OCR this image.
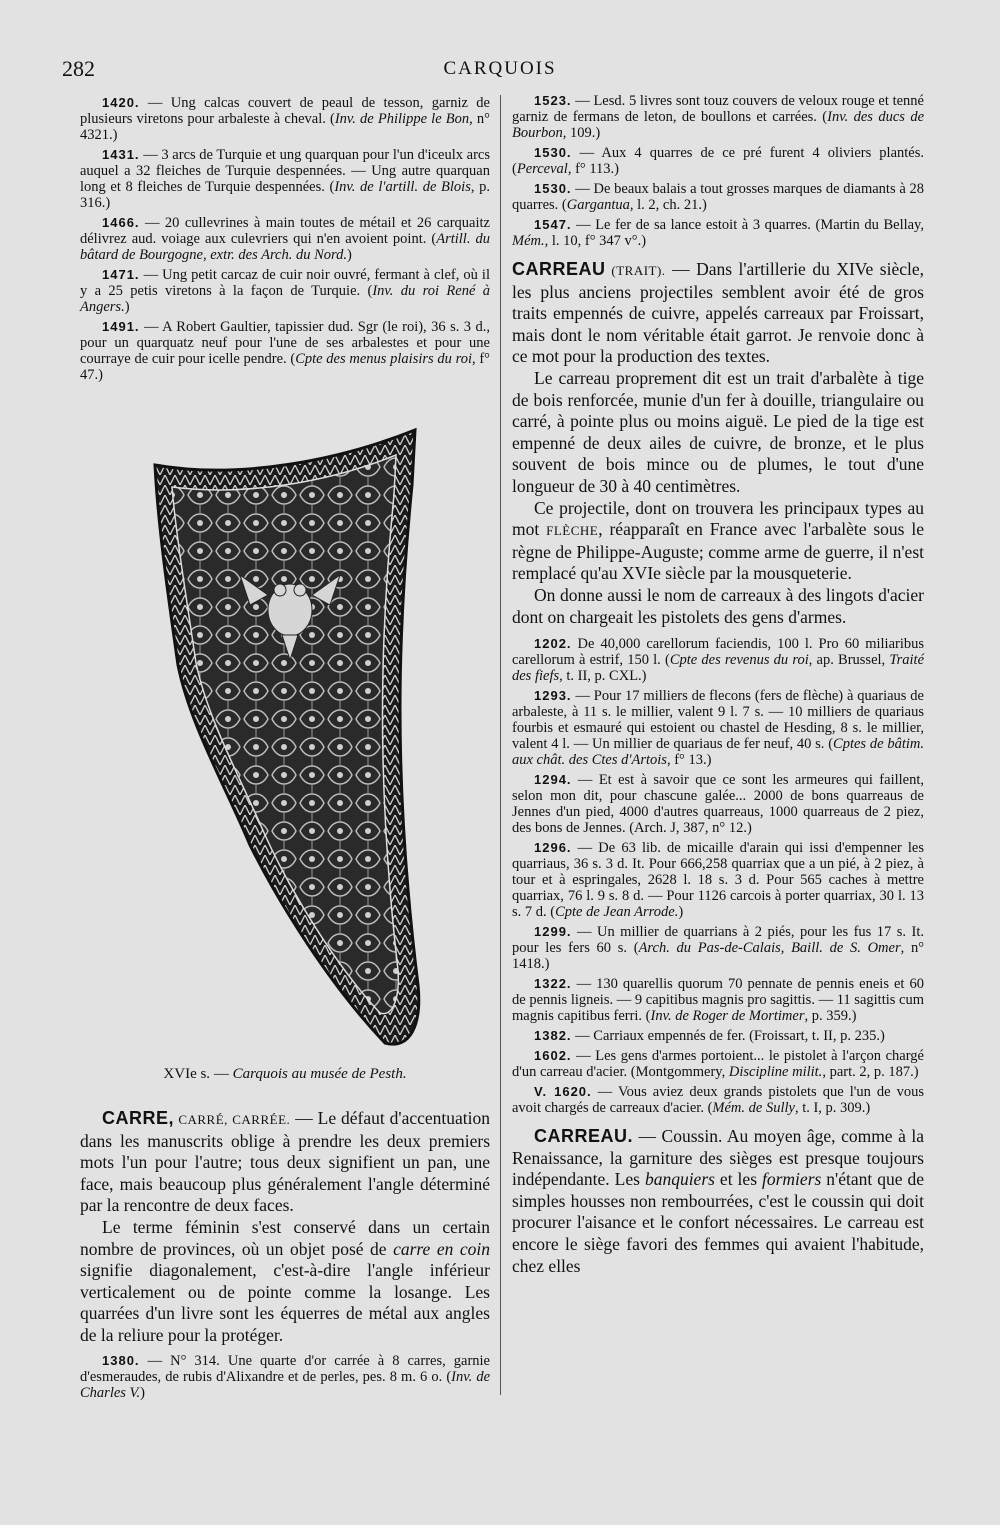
282	CARQUOIS

1420. — Ung calcas couvert de peaul de tesson, garniz de plusieurs viretons pour arbaleste à cheval. (Inv. de Philippe le Bon, n° 4321.)

1431. — 3 arcs de Turquie et ung quarquan pour l'un d'iceulx arcs auquel a 32 fleiches de Turquie despennées. — Ung autre quarquan long et 8 fleiches de Turquie despennées. (Inv. de l'artill. de Blois, p. 316.)

1466. — 20 cullevrines à main toutes de métail et 26 carquaitz délivrez aud. voiage aux culevriers qui n'en avoient point. (Artill. du bâtard de Bourgogne, extr. des Arch. du Nord.)

1471. — Ung petit carcaz de cuir noir ouvré, fermant à clef, où il y a 25 petis viretons à la façon de Turquie. (Inv. du roi René à Angers.)

1491. — A Robert Gaultier, tapissier dud. Sgr (le roi), 36 s. 3 d., pour un quarquatz neuf pour l'une de ses arbalestes et pour une courraye de cuir pour icelle pendre. (Cpte des menus plaisirs du roi, f° 47.)

XVIe s. — Carquois au musée de Pesth.

CARRE, CARRÉ, CARRÉE. — Le défaut d'accentuation dans les manuscrits oblige à prendre les deux premiers mots l'un pour l'autre; tous deux signifient un pan, une face, mais beaucoup plus généralement l'angle déterminé par la rencontre de deux faces.

Le terme féminin s'est conservé dans un certain nombre de provinces, où un objet posé de carre en coin signifie diagonalement, c'est-à-dire l'angle inférieur verticalement ou de pointe comme la losange. Les quarrées d'un livre sont les équerres de métal aux angles de la reliure pour la protéger.

1380. — N° 314. Une quarte d'or carrée à 8 carres, garnie d'esmeraudes, de rubis d'Alixandre et de perles, pes. 8 m. 6 o. (Inv. de Charles V.)

1523. — Lesd. 5 livres sont touz couvers de veloux rouge et tenné garniz de fermans de leton, de boullons et carrées. (Inv. des ducs de Bourbon, 109.)

1530. — Aux 4 quarres de ce pré furent 4 oliviers plantés. (Perceval, f° 113.)

1530. — De beaux balais a tout grosses marques de diamants à 28 quarres. (Gargantua, l. 2, ch. 21.)

1547. — Le fer de sa lance estoit à 3 quarres. (Martin du Bellay, Mém., l. 10, f° 347 v°.)

CARREAU (TRAIT). — Dans l'artillerie du XIVe siècle, les plus anciens projectiles semblent avoir été de gros traits empennés de cuivre, appelés carreaux par Froissart, mais dont le nom véritable était garrot. Je renvoie donc à ce mot pour la production des textes.

Le carreau proprement dit est un trait d'arbalète à tige de bois renforcée, munie d'un fer à douille, triangulaire ou carré, à pointe plus ou moins aiguë. Le pied de la tige est empenné de deux ailes de cuivre, de bronze, et le plus souvent de bois mince ou de plumes, le tout d'une longueur de 30 à 40 centimètres.

Ce projectile, dont on trouvera les principaux types au mot FLÈCHE, réapparaît en France avec l'arbalète sous le règne de Philippe-Auguste; comme arme de guerre, il n'est remplacé qu'au XVIe siècle par la mousqueterie.

On donne aussi le nom de carreaux à des lingots d'acier dont on chargeait les pistolets des gens d'armes.

1202. De 40,000 carellorum faciendis, 100 l. Pro 60 miliaribus carellorum à estrif, 150 l. (Cpte des revenus du roi, ap. Brussel, Traité des fiefs, t. II, p. CXL.)

1293. — Pour 17 milliers de flecons (fers de flèche) à quariaus de arbaleste, à 11 s. le millier, valent 9 l. 7 s. — 10 milliers de quariaus fourbis et esmauré qui estoient ou chastel de Hesding, 8 s. le millier, valent 4 l. — Un millier de quariaus de fer neuf, 40 s. (Cptes de bâtim. aux chât. des Ctes d'Artois, f° 13.)

1294. — Et est à savoir que ce sont les armeures qui faillent, selon mon dit, pour chascune galée... 2000 de bons quarreaus de Jennes d'un pied, 4000 d'autres quarreaus, 1000 quarreaus de 2 piez, des bons de Jennes. (Arch. J, 387, n° 12.)

1296. — De 63 lib. de micaille d'arain qui issi d'empenner les quarriaus, 36 s. 3 d. It. Pour 666,258 quarriax que a un pié, à 2 piez, à tour et à espringales, 2628 l. 18 s. 3 d. Pour 565 caches à mettre quarriax, 76 l. 9 s. 8 d. — Pour 1126 carcois à porter quarriax, 30 l. 13 s. 7 d. (Cpte de Jean Arrode.)

1299. — Un millier de quarrians à 2 piés, pour les fus 17 s. It. pour les fers 60 s. (Arch. du Pas-de-Calais, Baill. de S. Omer, n° 1418.)

1322. — 130 quarellis quorum 70 pennate de pennis eneis et 60 de pennis ligneis. — 9 capitibus magnis pro sagittis. — 11 sagittis cum magnis capitibus ferri. (Inv. de Roger de Mortimer, p. 359.)

1382. — Carriaux empennés de fer. (Froissart, t. II, p. 235.)

1602. — Les gens d'armes portoient... le pistolet à l'arçon chargé d'un carreau d'acier. (Montgommery, Discipline milit., part. 2, p. 187.)

V. 1620. — Vous aviez deux grands pistolets que l'un de vous avoit chargés de carreaux d'acier. (Mém. de Sully, t. I, p. 309.)

CARREAU. — Coussin. Au moyen âge, comme à la Renaissance, la garniture des sièges est presque toujours indépendante. Les banquiers et les formiers n'étant que de simples housses non rembourrées, c'est le coussin qui doit procurer l'aisance et le confort nécessaires. Le carreau est encore le siège favori des femmes qui avaient l'habitude, chez elles
